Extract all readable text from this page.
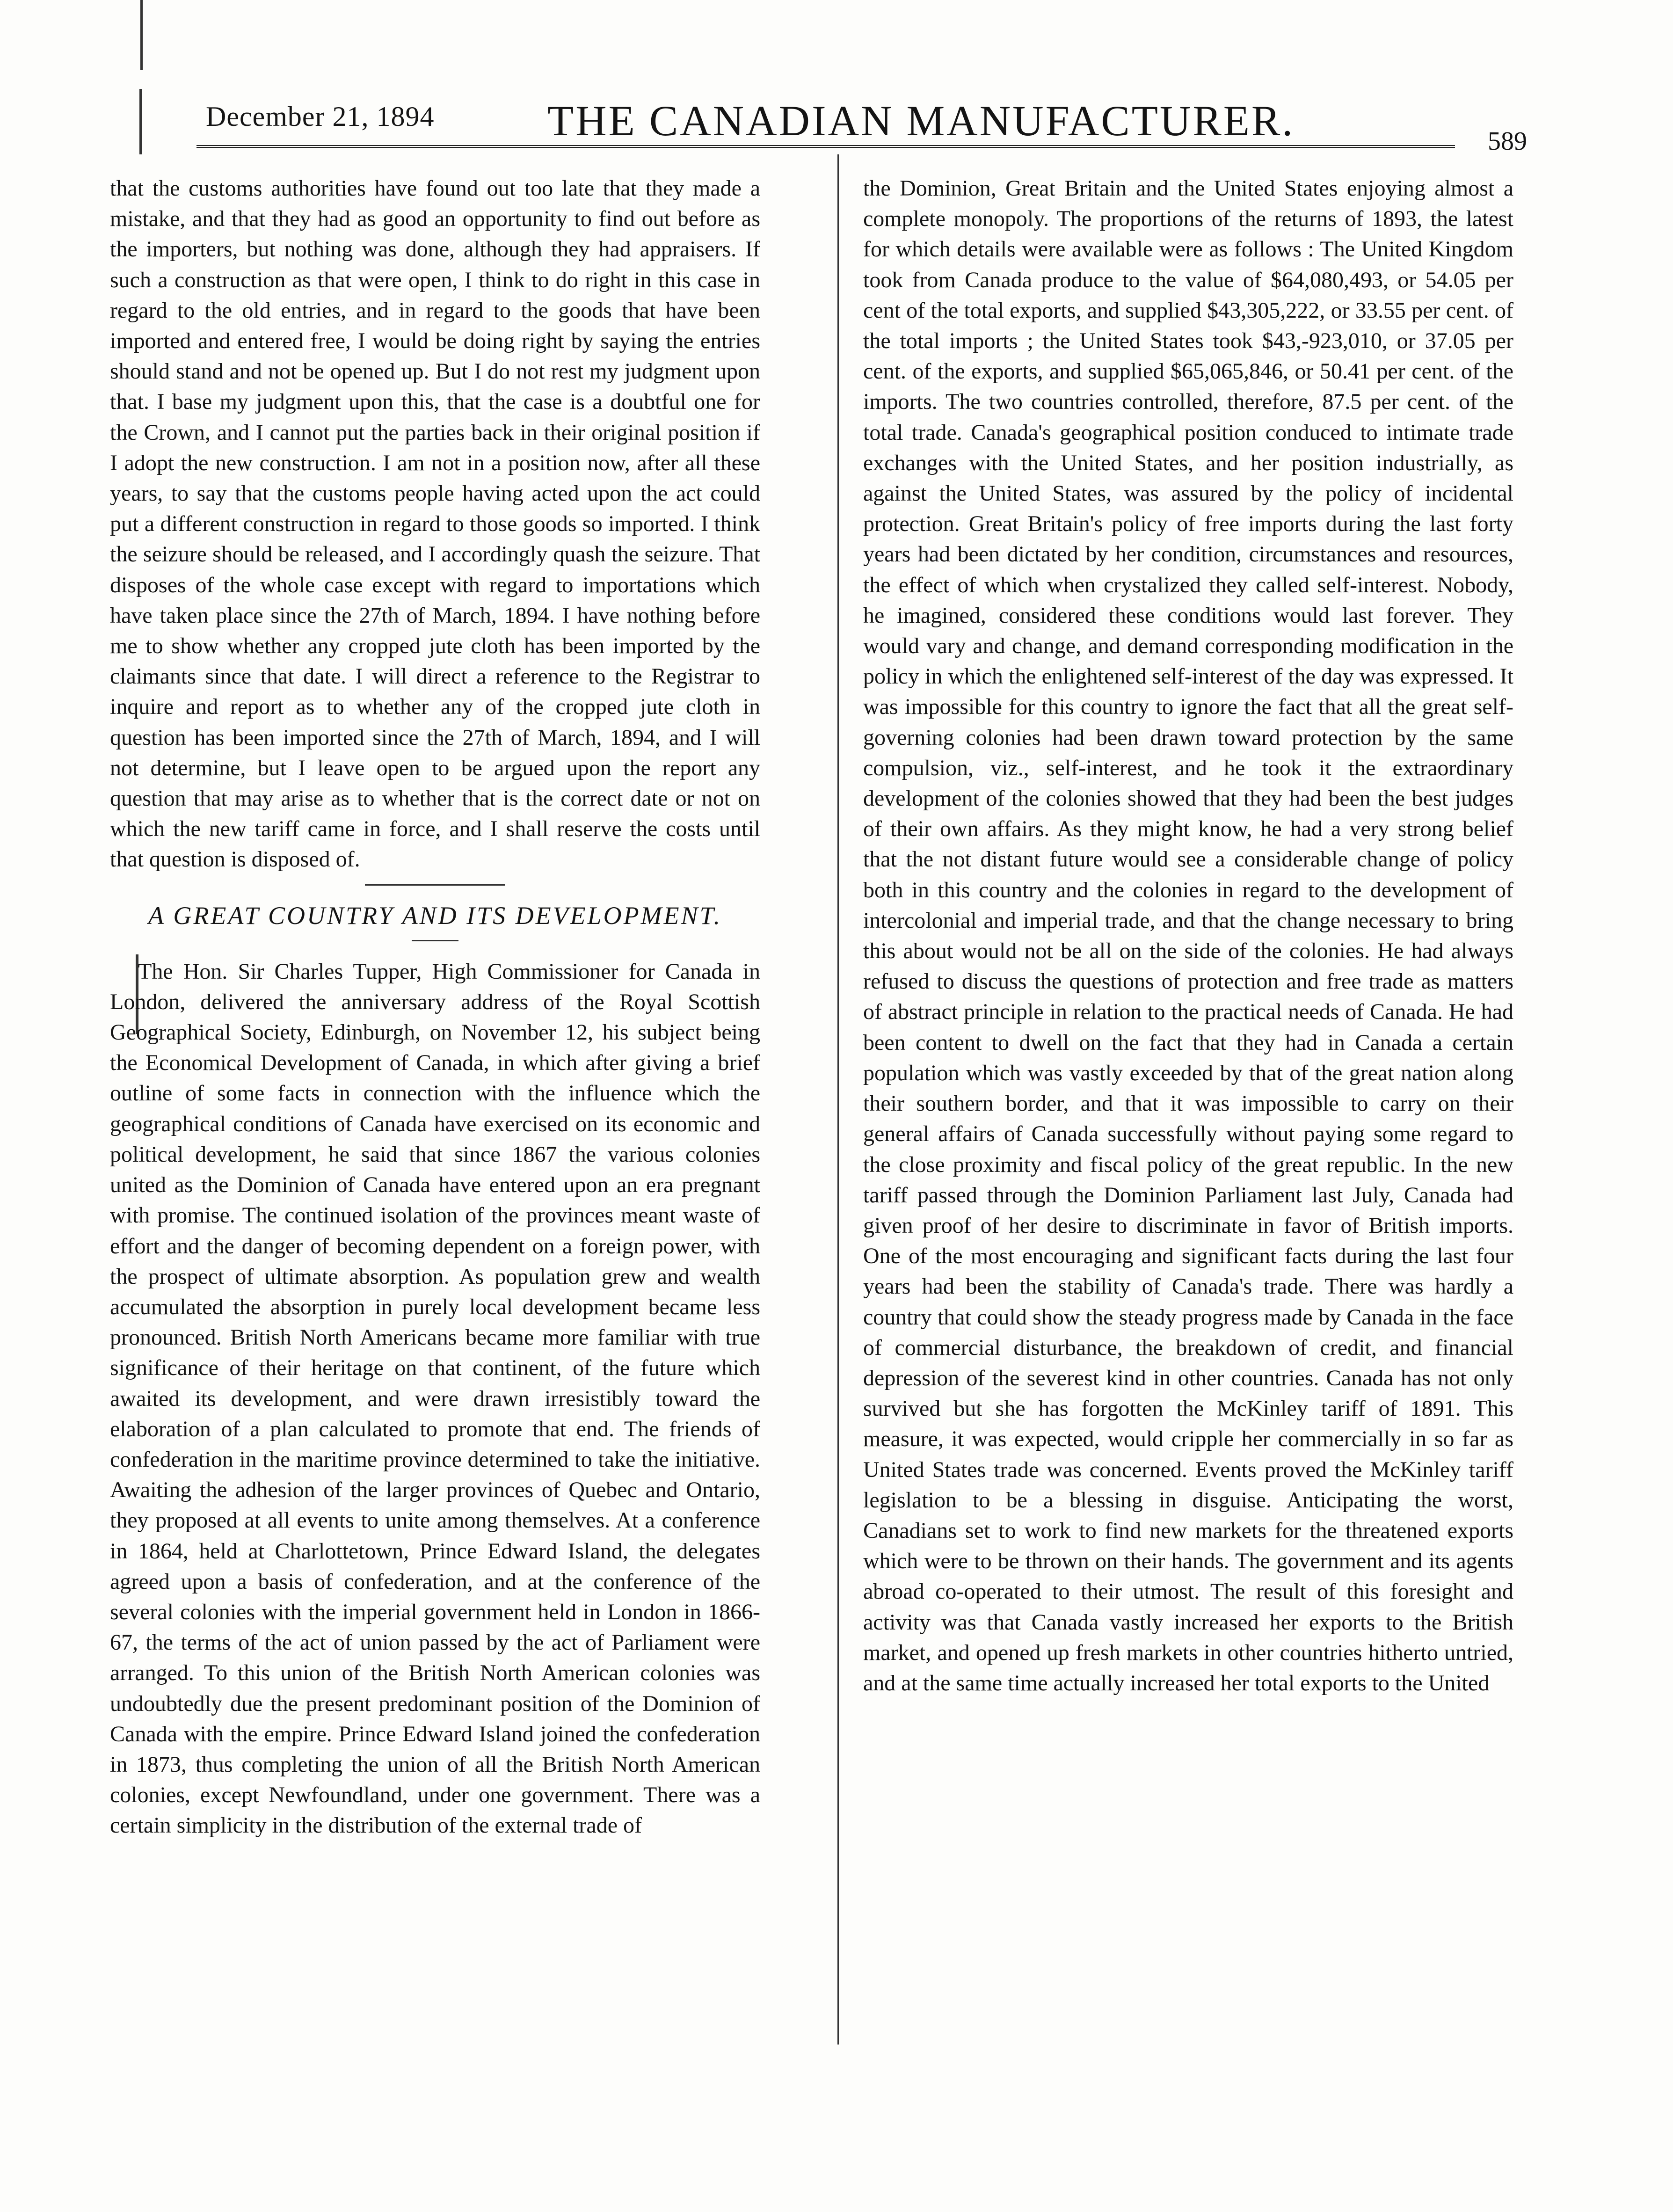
December 21, 1894	THE CANADIAN MANUFACTURER.	589

that the customs authorities have found out too late that they made a mistake, and that they had as good an opportunity to find out before as the importers, but nothing was done, although they had appraisers. If such a construction as that were open, I think to do right in this case in regard to the old entries, and in regard to the goods that have been imported and entered free, I would be doing right by saying the entries should stand and not be opened up. But I do not rest my judgment upon that. I base my judgment upon this, that the case is a doubtful one for the Crown, and I cannot put the parties back in their original position if I adopt the new construction. I am not in a position now, after all these years, to say that the customs people having acted upon the act could put a different construction in regard to those goods so imported. I think the seizure should be released, and I accordingly quash the seizure. That disposes of the whole case except with regard to importations which have taken place since the 27th of March, 1894. I have nothing before me to show whether any cropped jute cloth has been imported by the claimants since that date. I will direct a reference to the Registrar to inquire and report as to whether any of the cropped jute cloth in question has been imported since the 27th of March, 1894, and I will not determine, but I leave open to be argued upon the report any question that may arise as to whether that is the correct date or not on which the new tariff came in force, and I shall reserve the costs until that question is disposed of.

A GREAT COUNTRY AND ITS DEVELOPMENT.

The Hon. Sir Charles Tupper, High Commissioner for Canada in London, delivered the anniversary address of the Royal Scottish Geographical Society, Edinburgh, on November 12, his subject being the Economical Development of Canada, in which after giving a brief outline of some facts in connection with the influence which the geographical conditions of Canada have exercised on its economic and political development, he said that since 1867 the various colonies united as the Dominion of Canada have entered upon an era pregnant with promise. The continued isolation of the provinces meant waste of effort and the danger of becoming dependent on a foreign power, with the prospect of ultimate absorption. As population grew and wealth accumulated the absorption in purely local development became less pronounced. British North Americans became more familiar with true significance of their heritage on that continent, of the future which awaited its development, and were drawn irresistibly toward the elaboration of a plan calculated to promote that end. The friends of confederation in the maritime province determined to take the initiative. Awaiting the adhesion of the larger provinces of Quebec and Ontario, they proposed at all events to unite among themselves. At a conference in 1864, held at Charlottetown, Prince Edward Island, the delegates agreed upon a basis of confederation, and at the conference of the several colonies with the imperial government held in London in 1866-67, the terms of the act of union passed by the act of Parliament were arranged. To this union of the British North American colonies was undoubtedly due the present predominant position of the Dominion of Canada with the empire. Prince Edward Island joined the confederation in 1873, thus completing the union of all the British North American colonies, except Newfoundland, under one government. There was a certain simplicity in the distribution of the external trade of

the Dominion, Great Britain and the United States enjoying almost a complete monopoly. The proportions of the returns of 1893, the latest for which details were available were as follows : The United Kingdom took from Canada produce to the value of $64,080,493, or 54.05 per cent of the total exports, and supplied $43,305,222, or 33.55 per cent. of the total imports ; the United States took $43,-923,010, or 37.05 per cent. of the exports, and supplied $65,065,846, or 50.41 per cent. of the imports. The two countries controlled, therefore, 87.5 per cent. of the total trade. Canada's geographical position conduced to intimate trade exchanges with the United States, and her position industrially, as against the United States, was assured by the policy of incidental protection. Great Britain's policy of free imports during the last forty years had been dictated by her condition, circumstances and resources, the effect of which when crystalized they called self-interest. Nobody, he imagined, considered these conditions would last forever. They would vary and change, and demand corresponding modification in the policy in which the enlightened self-interest of the day was expressed. It was impossible for this country to ignore the fact that all the great self-governing colonies had been drawn toward protection by the same compulsion, viz., self-interest, and he took it the extraordinary development of the colonies showed that they had been the best judges of their own affairs. As they might know, he had a very strong belief that the not distant future would see a considerable change of policy both in this country and the colonies in regard to the development of intercolonial and imperial trade, and that the change necessary to bring this about would not be all on the side of the colonies. He had always refused to discuss the questions of protection and free trade as matters of abstract principle in relation to the practical needs of Canada. He had been content to dwell on the fact that they had in Canada a certain population which was vastly exceeded by that of the great nation along their southern border, and that it was impossible to carry on their general affairs of Canada successfully without paying some regard to the close proximity and fiscal policy of the great republic. In the new tariff passed through the Dominion Parliament last July, Canada had given proof of her desire to discriminate in favor of British imports. One of the most encouraging and significant facts during the last four years had been the stability of Canada's trade. There was hardly a country that could show the steady progress made by Canada in the face of commercial disturbance, the breakdown of credit, and financial depression of the severest kind in other countries. Canada has not only survived but she has forgotten the McKinley tariff of 1891. This measure, it was expected, would cripple her commercially in so far as United States trade was concerned. Events proved the McKinley tariff legislation to be a blessing in disguise. Anticipating the worst, Canadians set to work to find new markets for the threatened exports which were to be thrown on their hands. The government and its agents abroad co-operated to their utmost. The result of this foresight and activity was that Canada vastly increased her exports to the British market, and opened up fresh markets in other countries hitherto untried, and at the same time actually increased her total exports to the United
